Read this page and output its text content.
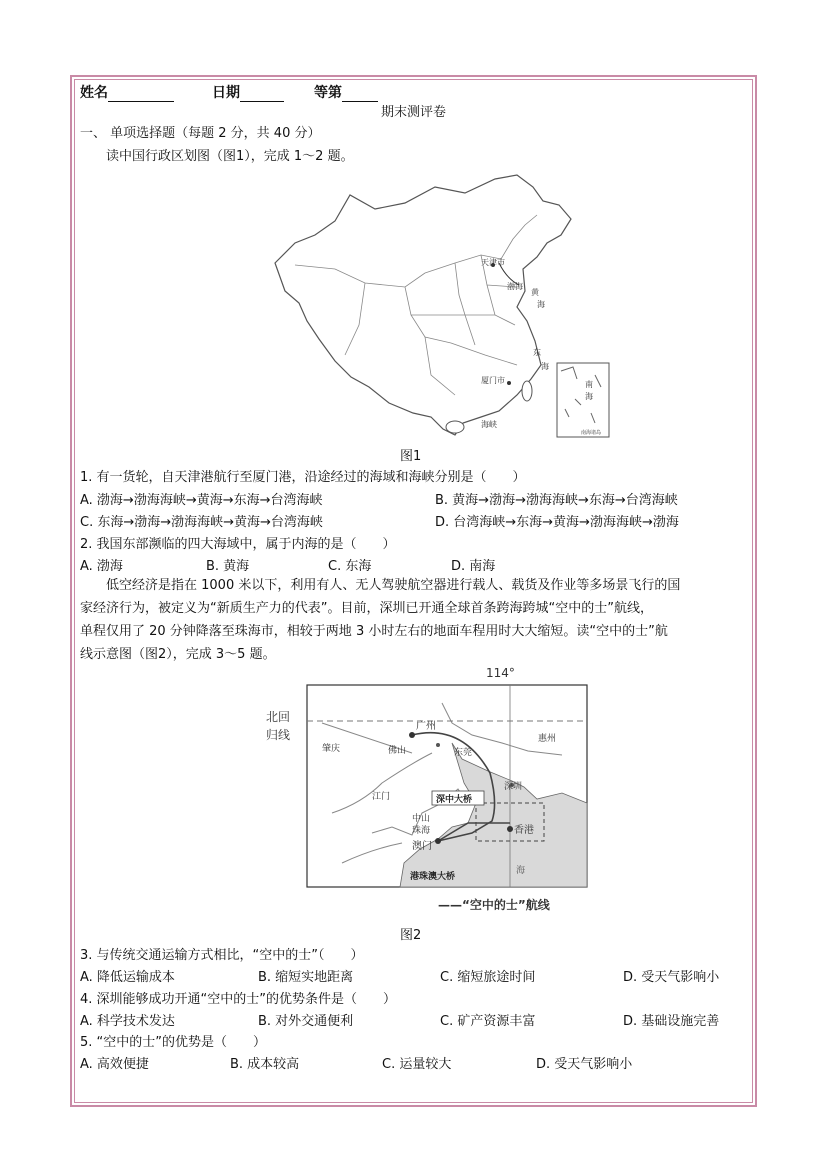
姓名	日期	等第
期末测评卷
一、 单项选择题（每题 2 分，共 40 分）
读中国行政区划图（图1），完成 1～2 题。
天津市
渤海
黄
海
东
海
厦门市
海峡
南
海
南海诸岛
图1
1. 有一货轮，自天津港航行至厦门港，沿途经过的海域和海峡分别是（　　）
A. 渤海→渤海海峡→黄海→东海→台湾海峡	B. 黄海→渤海→渤海海峡→东海→台湾海峡
C. 东海→渤海→渤海海峡→黄海→台湾海峡	D. 台湾海峡→东海→黄海→渤海海峡→渤海
2. 我国东部濒临的四大海域中，属于内海的是（　　）
A. 渤海	B. 黄海	C. 东海	D. 南海
　　低空经济是指在 1000 米以下，利用有人、无人驾驶航空器进行载人、载货及作业等多场景飞行的国
家经济行为，被定义为“新质生产力的代表”。目前，深圳已开通全球首条跨海跨城“空中的士”航线，
单程仅用了 20 分钟降落至珠海市，相较于两地 3 小时左右的地面车程用时大大缩短。读“空中的士”航
线示意图（图2），完成 3～5 题。
114°
北回
归线
广州
肇庆	佛山	东莞
惠州
江门
中山
珠海
深圳
香港
澳门
深中大桥
港珠澳大桥
海
——“空中的士”航线
图2
3. 与传统交通运输方式相比，“空中的士”（　　）
A. 降低运输成本	B. 缩短实地距离	C. 缩短旅途时间	D. 受天气影响小
4. 深圳能够成功开通“空中的士”的优势条件是（　　）
A. 科学技术发达	B. 对外交通便利	C. 矿产资源丰富	D. 基础设施完善
5. “空中的士”的优势是（　　）
A. 高效便捷	B. 成本较高	C. 运量较大	D. 受天气影响小
